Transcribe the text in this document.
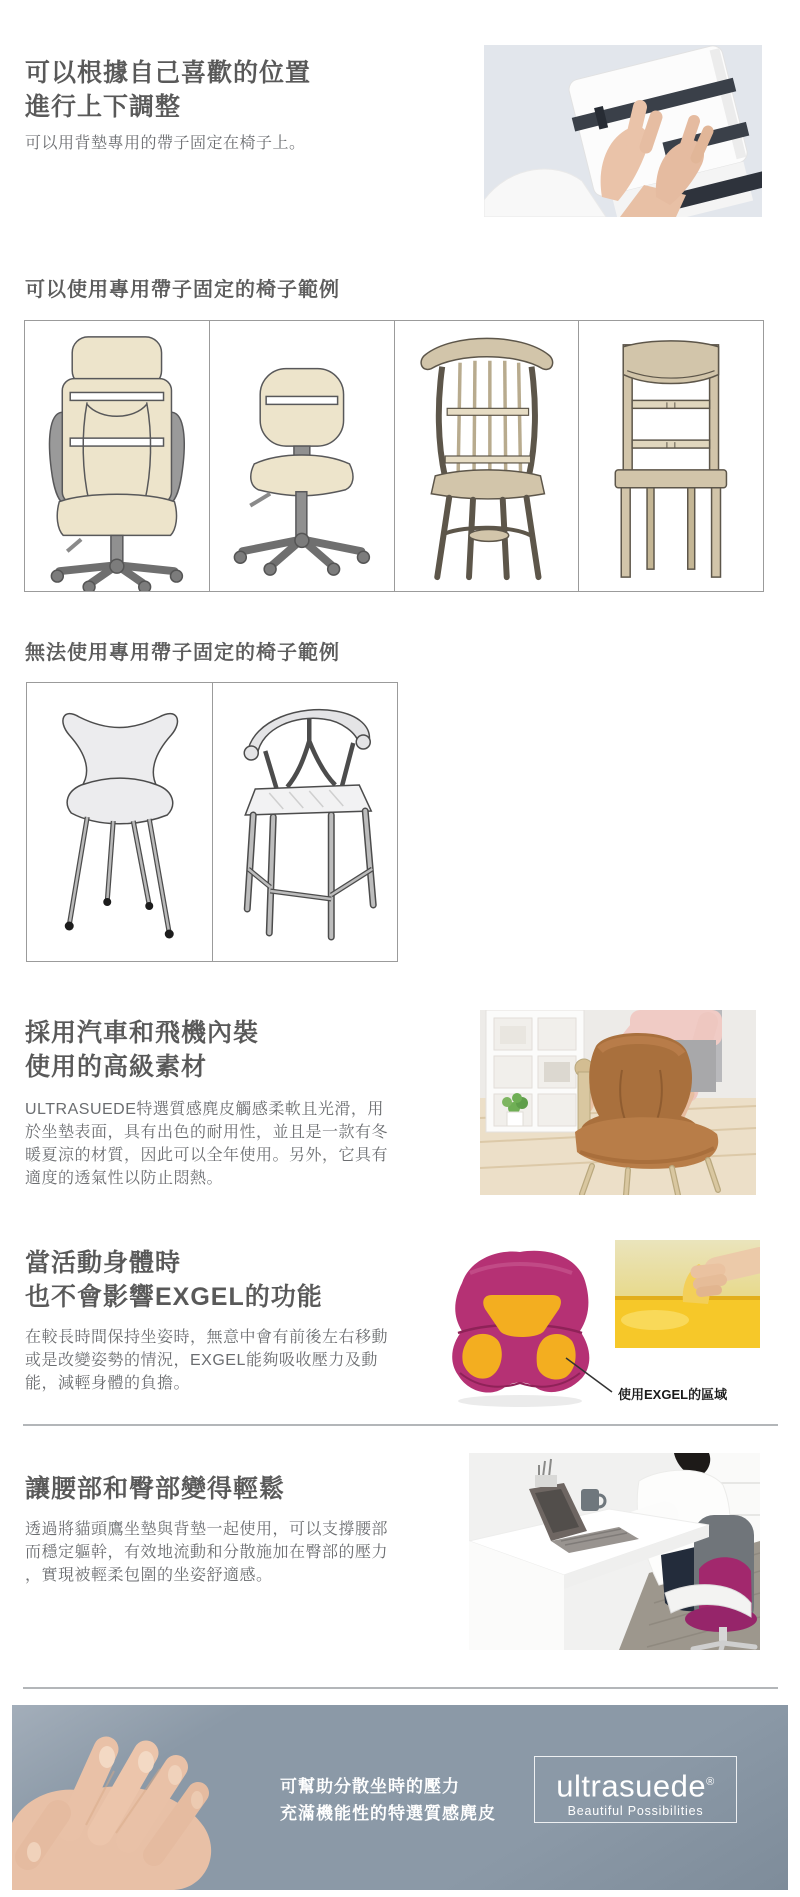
可以根據自己喜歡的位置
進行上下調整
可以用背墊專用的帶子固定在椅子上。
可以使用專用帶子固定的椅子範例
無法使用專用帶子固定的椅子範例
採用汽車和飛機內裝
使用的高級素材
ULTRASUEDE特選質感麂皮觸感柔軟且光滑，用
於坐墊表面，具有出色的耐用性，並且是一款有冬
暖夏涼的材質，因此可以全年使用。另外，它具有
適度的透氣性以防止悶熱。
當活動身體時
也不會影響EXGEL的功能
在較長時間保持坐姿時，無意中會有前後左右移動
或是改變姿勢的情況，EXGEL能夠吸收壓力及動
能，減輕身體的負擔。
使用EXGEL的區域
讓腰部和臀部變得輕鬆
透過將貓頭鷹坐墊與背墊一起使用，可以支撐腰部
而穩定軀幹，有效地流動和分散施加在臀部的壓力
，實現被輕柔包圍的坐姿舒適感。
可幫助分散坐時的壓力
充滿機能性的特選質感麂皮
ultrasuede®
Beautiful Possibilities
